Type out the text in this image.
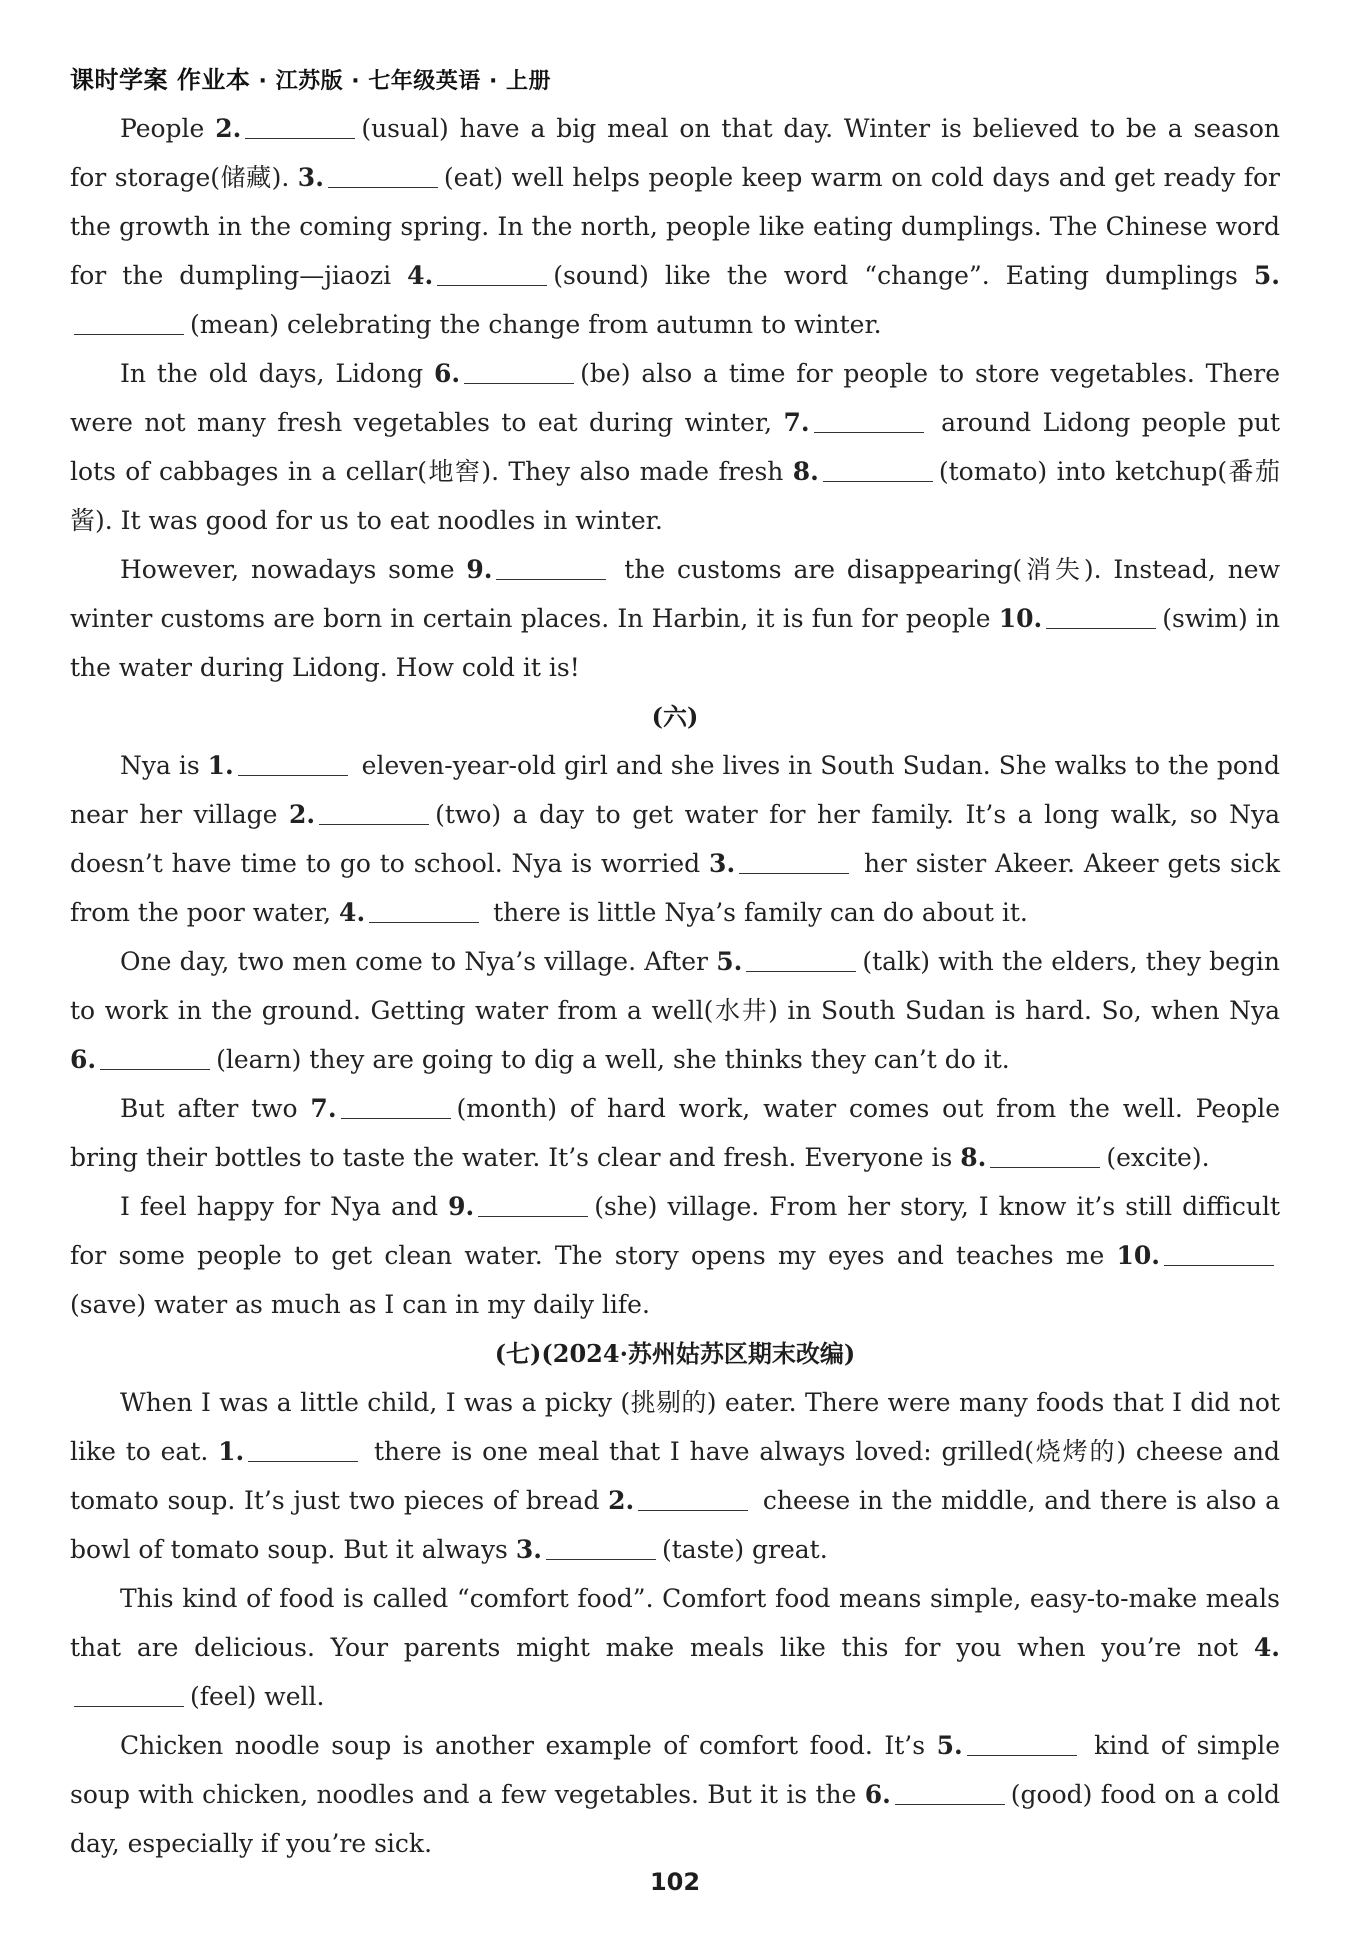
课时学案 作业本 · 江苏版 · 七年级英语 · 上册

People 2.	(usual) have a big meal on that day. Winter is believed to be a season for storage(储藏). 3.	(eat) well helps people keep warm on cold days and get ready for the growth in the coming spring. In the north, people like eating dumplings. The Chinese word for the dumpling—jiaozi 4.	(sound) like the word “change”. Eating dumplings 5.(mean) celebrating the change from autumn to winter.

In the old days, Lidong 6.	(be) also a time for people to store vegetables. There were not many fresh vegetables to eat during winter, 7.	around Lidong people put lots of cabbages in a cellar(地窖). They also made fresh 8.	(tomato) into ketchup(番茄酱). It was good for us to eat noodles in winter.

However, nowadays some 9.	the customs are disappearing(消失). Instead, new winter customs are born in certain places. In Harbin, it is fun for people 10.	(swim) in the water during Lidong. How cold it is!

(六)

Nya is 1.	eleven-year-old girl and she lives in South Sudan. She walks to the pond near her village 2.	(two) a day to get water for her family. It’s a long walk, so Nya doesn’t have time to go to school. Nya is worried 3.	her sister Akeer. Akeer gets sick from the poor water, 4.	there is little Nya’s family can do about it.

One day, two men come to Nya’s village. After 5.	(talk) with the elders, they begin to work in the ground. Getting water from a well(水井) in South Sudan is hard. So, when Nya 6.	(learn) they are going to dig a well, she thinks they can’t do it.

But after two 7.	(month) of hard work, water comes out from the well. People bring their bottles to taste the water. It’s clear and fresh. Everyone is 8.	(excite).

I feel happy for Nya and 9.	(she) village. From her story, I know it’s still difficult for some people to get clean water. The story opens my eyes and teaches me 10.(save) water as much as I can in my daily life.

(七)(2024·苏州姑苏区期末改编)

When I was a little child, I was a picky (挑剔的) eater. There were many foods that I did not like to eat. 1.	there is one meal that I have always loved: grilled(烧烤的) cheese and tomato soup. It’s just two pieces of bread 2.	cheese in the middle, and there is also a bowl of tomato soup. But it always 3.	(taste) great.

This kind of food is called “comfort food”. Comfort food means simple, easy-to-make meals that are delicious. Your parents might make meals like this for you when you’re not 4.(feel) well.

Chicken noodle soup is another example of comfort food. It’s 5.	kind of simple soup with chicken, noodles and a few vegetables. But it is the 6.	(good) food on a cold day, especially if you’re sick.

102
